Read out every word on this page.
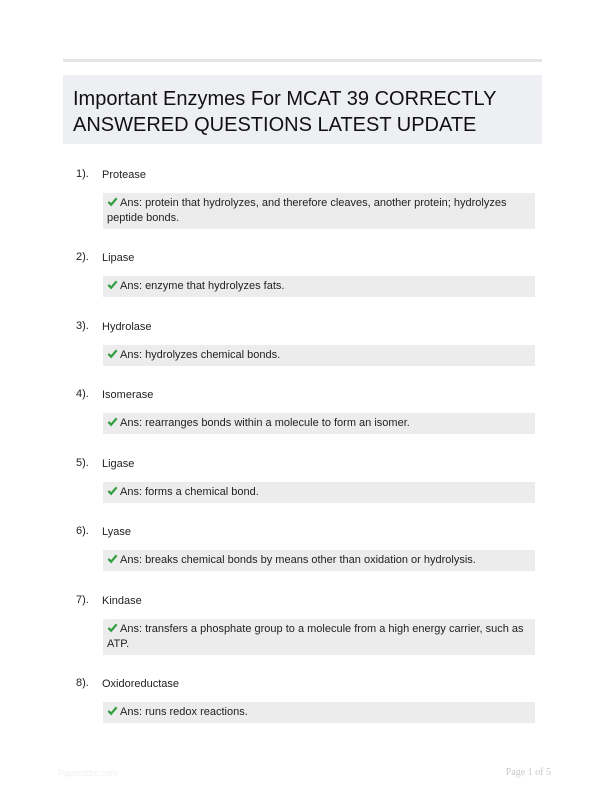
Important Enzymes For MCAT 39 CORRECTLY ANSWERED QUESTIONS LATEST UPDATE
1). Protease
Ans: protein that hydrolyzes, and therefore cleaves, another protein; hydrolyzes peptide bonds.
2). Lipase
Ans: enzyme that hydrolyzes fats.
3). Hydrolase
Ans: hydrolyzes chemical bonds.
4). Isomerase
Ans: rearranges bonds within a molecule to form an isomer.
5). Ligase
Ans: forms a chemical bond.
6). Lyase
Ans: breaks chemical bonds by means other than oxidation or hydrolysis.
7). Kindase
Ans: transfers a phosphate group to a molecule from a high energy carrier, such as ATP.
8). Oxidoreductase
Ans: runs redox reactions.
Papertitbc.com	Page 1 of 5
